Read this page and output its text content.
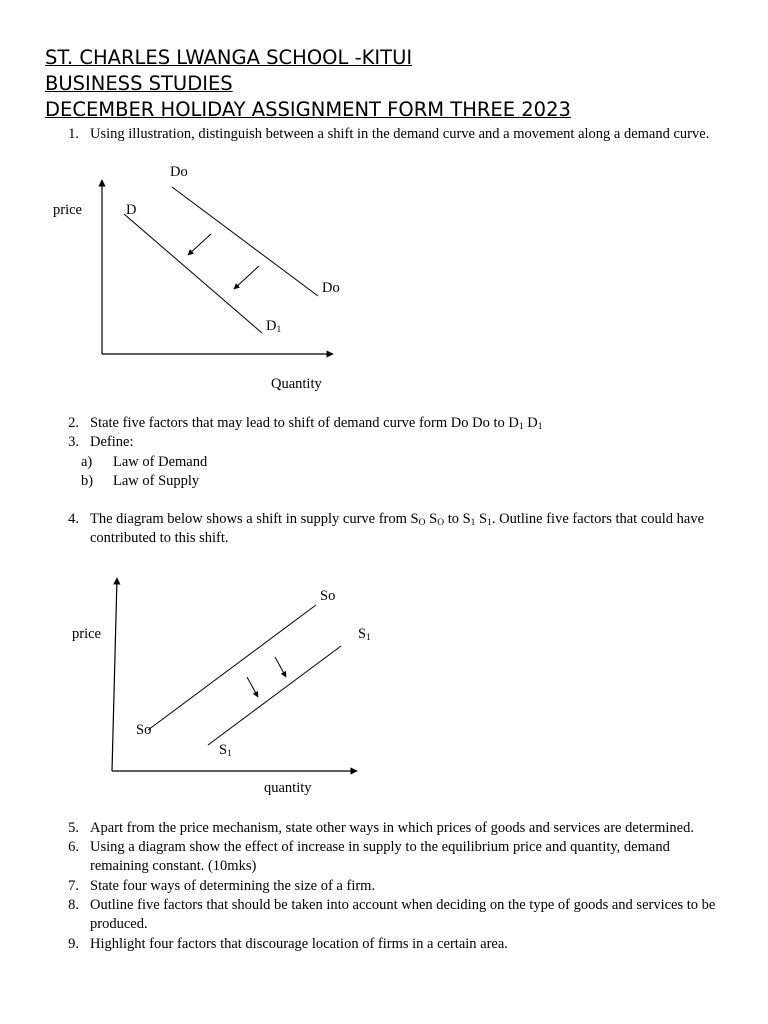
ST. CHARLES LWANGA SCHOOL -KITUI
BUSINESS STUDIES
DECEMBER HOLIDAY ASSIGNMENT FORM THREE 2023
1. Using illustration, distinguish between a shift in the demand curve and a movement along a demand curve.
price
Do
D
Do
$D_1$
Quantity
2. State five factors that may lead to shift of demand curve form Do Do to $D_1$ $D_1$
3. Define:
a)	Law of Demand
b)	Law of Supply
4. The diagram below shows a shift in supply curve from $S_O$ $S_O$ to $S_1$ $S_1$. Outline five factors that could have contributed to this shift.
price
So
$S_1$
So
$S_1$
quantity
5. Apart from the price mechanism, state other ways in which prices of goods and services are determined.
6. Using a diagram show the effect of increase in supply to the equilibrium price and quantity, demand remaining constant. (10mks)
7. State four ways of determining the size of a firm.
8. Outline five factors that should be taken into account when deciding on the type of goods and services to be produced.
9. Highlight four factors that discourage location of firms in a certain area.
